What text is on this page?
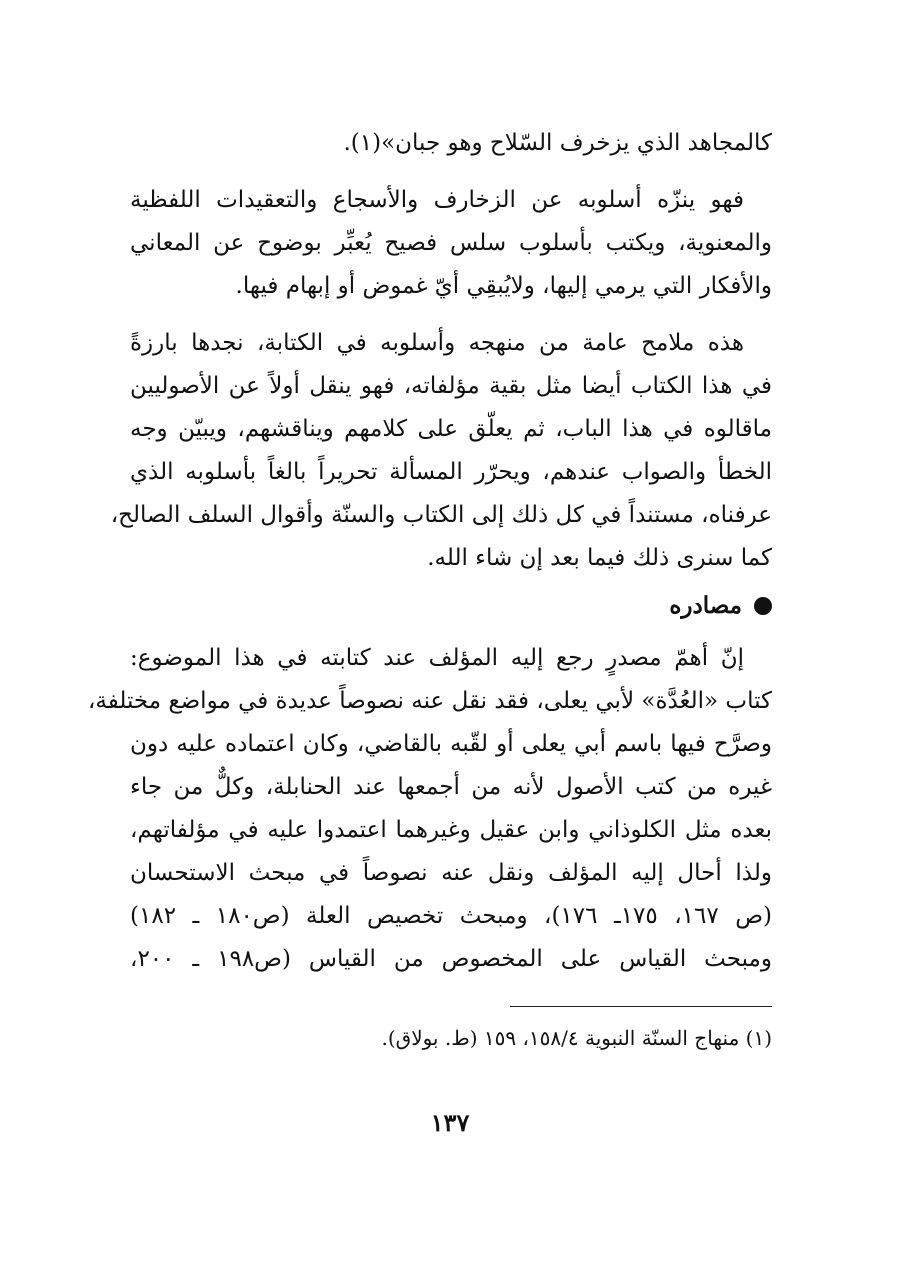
كالمجاهد الذي يزخرف السّلاح وهو جبان»(١).

فهو ينزّه أسلوبه عن الزخارف والأسجاع والتعقيدات اللفظية
والمعنوية، ويكتب بأسلوب سلس فصيح يُعبِّر بوضوح عن المعاني
والأفكار التي يرمي إليها، ولايُبقِي أيّ غموض أو إبهام فيها.

هذه ملامح عامة من منهجه وأسلوبه في الكتابة، نجدها بارزةً
في هذا الكتاب أيضا مثل بقية مؤلفاته، فهو ينقل أولاً عن الأصوليين
ماقالوه في هذا الباب، ثم يعلّق على كلامهم ويناقشهم، ويبيّن وجه
الخطأ والصواب عندهم، ويحرّر المسألة تحريراً بالغاً بأسلوبه الذي
عرفناه، مستنداً في كل ذلك إلى الكتاب والسنّة وأقوال السلف الصالح،
كما سنرى ذلك فيما بعد إن شاء الله.

مصادره

إنّ أهمّ مصدرٍ رجع إليه المؤلف عند كتابته في هذا الموضوع:
كتاب «العُدَّة» لأبي يعلى، فقد نقل عنه نصوصاً عديدة في مواضع مختلفة،
وصرَّح فيها باسم أبي يعلى أو لقّبه بالقاضي، وكان اعتماده عليه دون
غيره من كتب الأصول لأنه من أجمعها عند الحنابلة، وكلٌّ من جاء
بعده مثل الكلوذاني وابن عقيل وغيرهما اعتمدوا عليه في مؤلفاتهم،
ولذا أحال إليه المؤلف ونقل عنه نصوصاً في مبحث الاستحسان
(ص ١٦٧، ١٧٥ـ ١٧٦)، ومبحث تخصيص العلة (ص١٨٠ ـ ١٨٢)
ومبحث القياس على المخصوص من القياس (ص١٩٨ ـ ٢٠٠،

(١) منهاج السنّة النبوية ١٥٨/٤، ١٥٩ (ط. بولاق).
١٣٧
